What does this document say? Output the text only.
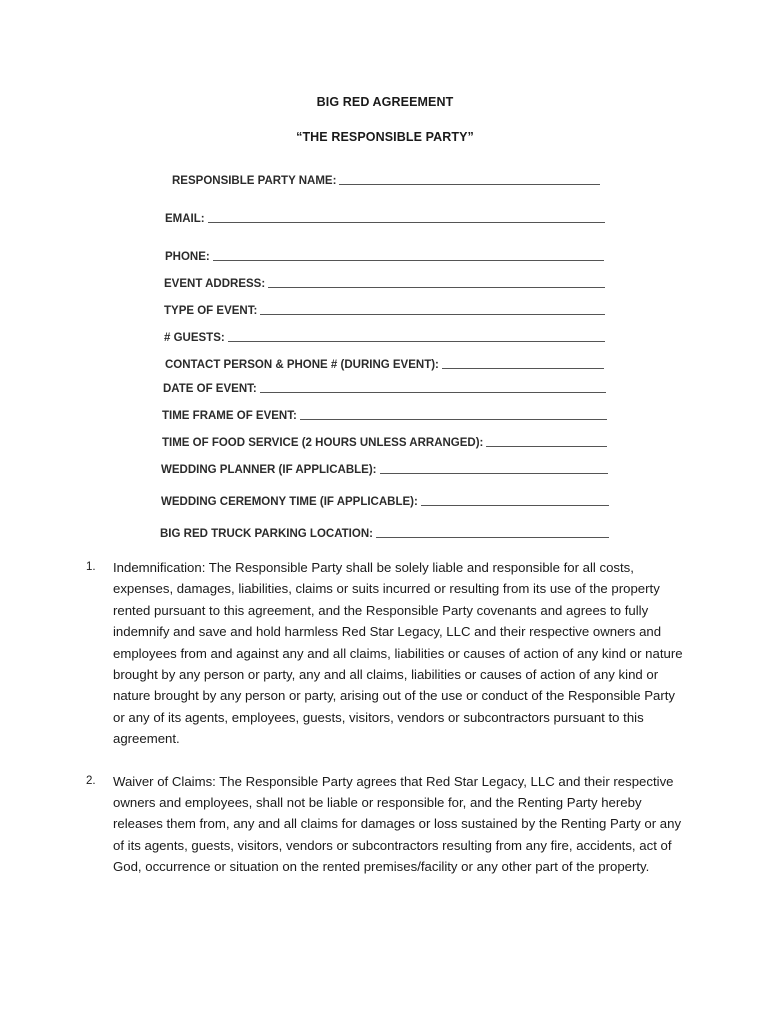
BIG RED AGREEMENT
“THE RESPONSIBLE PARTY”
RESPONSIBLE PARTY NAME:
EMAIL:
PHONE:
EVENT ADDRESS:
TYPE OF EVENT:
# GUESTS:
CONTACT PERSON & PHONE # (DURING EVENT):
DATE OF EVENT:
TIME FRAME OF EVENT:
TIME OF FOOD SERVICE (2 HOURS UNLESS ARRANGED):
WEDDING PLANNER (IF APPLICABLE):
WEDDING CEREMONY TIME (IF APPLICABLE):
BIG RED TRUCK PARKING LOCATION:
1.	Indemnification: The Responsible Party shall be solely liable and responsible for all costs, expenses, damages, liabilities, claims or suits incurred or resulting from its use of the property rented pursuant to this agreement, and the Responsible Party covenants and agrees to fully indemnify and save and hold harmless Red Star Legacy, LLC and their respective owners and employees from and against any and all claims, liabilities or causes of action of any kind or nature brought by any person or party, any and all claims, liabilities or causes of action of any kind or nature brought by any person or party, arising out of the use or conduct of the Responsible Party or any of its agents, employees, guests, visitors, vendors or subcontractors pursuant to this agreement.
2.	Waiver of Claims: The Responsible Party agrees that Red Star Legacy, LLC and their respective owners and employees, shall not be liable or responsible for, and the Renting Party hereby releases them from, any and all claims for damages or loss sustained by the Renting Party or any of its agents, guests, visitors, vendors or subcontractors resulting from any fire, accidents, act of God, occurrence or situation on the rented premises/facility or any other part of the property.
